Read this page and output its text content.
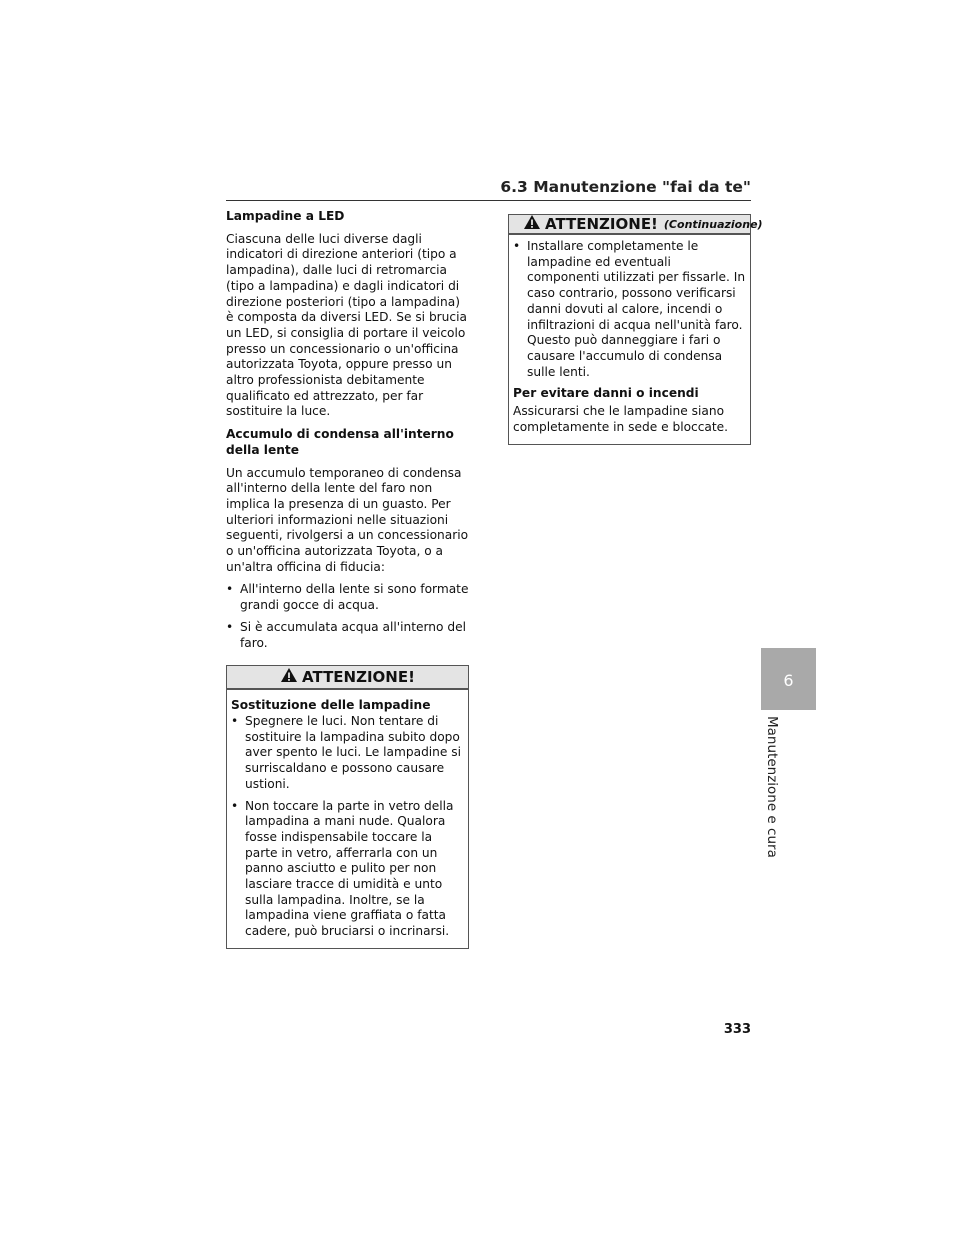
6.3 Manutenzione "fai da te"
Lampadine a LED

Ciascuna delle luci diverse dagli indicatori di direzione anteriori (tipo a lampadina), dalle luci di retromarcia (tipo a lampadina) e dagli indicatori di direzione posteriori (tipo a lampadina) è composta da diversi LED. Se si brucia un LED, si consiglia di portare il veicolo presso un concessionario o un'officina autorizzata Toyota, oppure presso un altro professionista debitamente qualificato ed attrezzato, per far sostituire la luce.

Accumulo di condensa all'interno della lente

Un accumulo temporaneo di condensa all'interno della lente del faro non implica la presenza di un guasto. Per ulteriori informazioni nelle situazioni seguenti, rivolgersi a un concessionario o un'officina autorizzata Toyota, o a un'altra officina di fiducia:

• All'interno della lente si sono formate grandi gocce di acqua.
• Si è accumulata acqua all'interno del faro.
ATTENZIONE!
Sostituzione delle lampadine
• Spegnere le luci. Non tentare di sostituire la lampadina subito dopo aver spento le luci. Le lampadine si surriscaldano e possono causare ustioni.
• Non toccare la parte in vetro della lampadina a mani nude. Qualora fosse indispensabile toccare la parte in vetro, afferrarla con un panno asciutto e pulito per non lasciare tracce di umidità e unto sulla lampadina. Inoltre, se la lampadina viene graffiata o fatta cadere, può bruciarsi o incrinarsi.
ATTENZIONE! (Continuazione)
• Installare completamente le lampadine ed eventuali componenti utilizzati per fissarle. In caso contrario, possono verificarsi danni dovuti al calore, incendi o infiltrazioni di acqua nell'unità faro. Questo può danneggiare i fari o causare l'accumulo di condensa sulle lenti.
Per evitare danni o incendi

Assicurarsi che le lampadine siano completamente in sede e bloccate.

6
Manutenzione e cura
333
